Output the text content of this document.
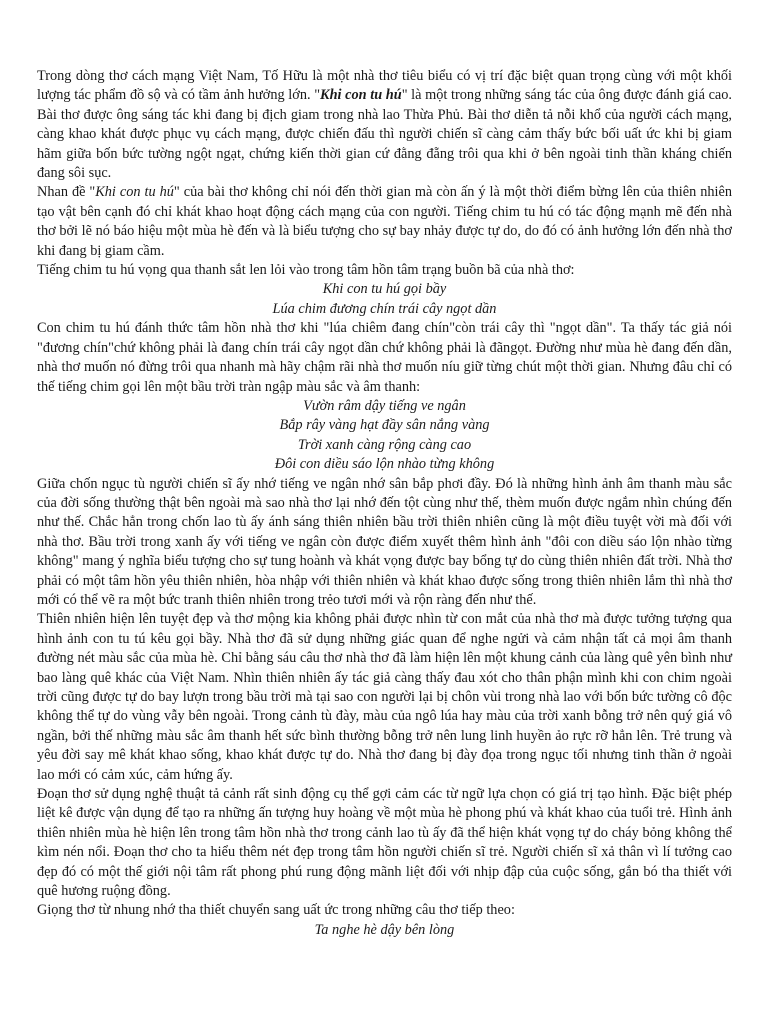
Trong dòng thơ cách mạng Việt Nam, Tố Hữu là một nhà thơ tiêu biểu có vị trí đặc biệt quan trọng cùng với một khối lượng tác phẩm đồ sộ và có tầm ảnh hưởng lớn. "Khi con tu hú" là một trong những sáng tác của ông được đánh giá cao. Bài thơ được ông sáng tác khi đang bị địch giam trong nhà lao Thừa Phủ. Bài thơ diễn tả nỗi khổ của người cách mạng, càng khao khát được phục vụ cách mạng, được chiến đấu thì người chiến sĩ càng cảm thấy bức bối uất ức khi bị giam hãm giữa bốn bức tường ngột ngạt, chứng kiến thời gian cứ đằng đẵng trôi qua khi ở bên ngoài tinh thần kháng chiến đang sôi sục.

Nhan đề "Khi con tu hú" của bài thơ không chỉ nói đến thời gian mà còn ấn ý là một thời điểm bừng lên của thiên nhiên tạo vật bên cạnh đó chỉ khát khao hoạt động cách mạng của con người. Tiếng chim tu hú có tác động mạnh mẽ đến nhà thơ bởi lẽ nó báo hiệu một mùa hè đến và là biểu tượng cho sự bay nhảy được tự do, do đó có ảnh hưởng lớn đến nhà thơ khi đang bị giam cầm.

Tiếng chim tu hú vọng qua thanh sắt len lỏi vào trong tâm hồn tâm trạng buồn bã của nhà thơ:

Khi con tu hú gọi bầy
Lúa chim đương chín trái cây ngọt dần

Con chim tu hú đánh thức tâm hồn nhà thơ khi "lúa chiêm đang chín"còn trái cây thì "ngọt dần". Ta thấy tác giả nói "đương chín"chứ không phải là đang chín trái cây ngọt dần chứ không phải là đãngọt. Đường như mùa hè đang đến dần, nhà thơ muốn nó đừng trôi qua nhanh mà hãy chậm rãi nhà thơ muốn níu giữ từng chút một thời gian. Nhưng đâu chỉ có thế tiếng chim gọi lên một bầu trời tràn ngập màu sắc và âm thanh:

Vườn râm dậy tiếng ve ngân
Bắp rây vàng hạt đầy sân nắng vàng
Trời xanh càng rộng càng cao
Đôi con diều sáo lộn nhào từng không

Giữa chốn ngục tù người chiến sĩ ấy nhớ tiếng ve ngân nhớ sân bắp phơi đầy. Đó là những hình ảnh âm thanh màu sắc của đời sống thường thật bên ngoài mà sao nhà thơ lại nhớ đến tột cùng như thế, thèm muốn được ngắm nhìn chúng đến như thế. Chắc hẳn trong chốn lao tù ấy ánh sáng thiên nhiên bầu trời thiên nhiên cũng là một điều tuyệt vời mà đối với nhà thơ. Bầu trời trong xanh ấy với tiếng ve ngân còn được điểm xuyết thêm hình ảnh "đôi con diều sáo lộn nhào từng không" mang ý nghĩa biểu tượng cho sự tung hoành và khát vọng được bay bổng tự do cùng thiên nhiên đất trời. Nhà thơ phải có một tâm hồn yêu thiên nhiên, hòa nhập với thiên nhiên và khát khao được sống trong thiên nhiên lắm thì nhà thơ mới có thể vẽ ra một bức tranh thiên nhiên trong trẻo tươi mới và rộn ràng đến như thế.

Thiên nhiên hiện lên tuyệt đẹp và thơ mộng kia không phải được nhìn từ con mắt của nhà thơ mà được tưởng tượng qua hình ảnh con tu tú kêu gọi bầy. Nhà thơ đã sử dụng những giác quan để nghe ngửi và cảm nhận tất cả mọi âm thanh đường nét màu sắc của mùa hè. Chỉ bằng sáu câu thơ nhà thơ đã làm hiện lên một khung cảnh của làng quê yên bình như bao làng quê khác của Việt Nam. Nhìn thiên nhiên ấy tác giả càng thấy đau xót cho thân phận mình khi con chim ngoài trời cũng được tự do bay lượn trong bầu trời mà tại sao con người lại bị chôn vùi trong nhà lao với bốn bức tường cô độc không thể tự do vùng vẫy bên ngoài. Trong cảnh tù đày, màu của ngô lúa hay màu của trời xanh bỗng trở nên quý giá vô ngần, bởi thế những màu sắc âm thanh hết sức bình thường bỗng trở nên lung linh huyền ảo rực rỡ hẳn lên. Trẻ trung và yêu đời say mê khát khao sống, khao khát được tự do. Nhà thơ đang bị đày đọa trong ngục tối nhưng tinh thần ở ngoài lao mới có cảm xúc, cảm hứng ấy.

Đoạn thơ sử dụng nghệ thuật tả cảnh rất sinh động cụ thể gợi cảm các từ ngữ lựa chọn có giá trị tạo hình. Đặc biệt phép liệt kê được vận dụng để tạo ra những ấn tượng huy hoàng về một mùa hè phong phú và khát khao của tuổi trẻ. Hình ảnh thiên nhiên mùa hè hiện lên trong tâm hồn nhà thơ trong cảnh lao tù ấy đã thể hiện khát vọng tự do cháy bỏng không thể kìm nén nổi. Đoạn thơ cho ta hiểu thêm nét đẹp trong tâm hồn người chiến sĩ trẻ. Người chiến sĩ xả thân vì lí tưởng cao đẹp đó có một thế giới nội tâm rất phong phú rung động mãnh liệt đối với nhịp đập của cuộc sống, gắn bó tha thiết với quê hương ruộng đồng.

Giọng thơ từ nhung nhớ tha thiết chuyển sang uất ức trong những câu thơ tiếp theo:

Ta nghe hè dậy bên lòng
